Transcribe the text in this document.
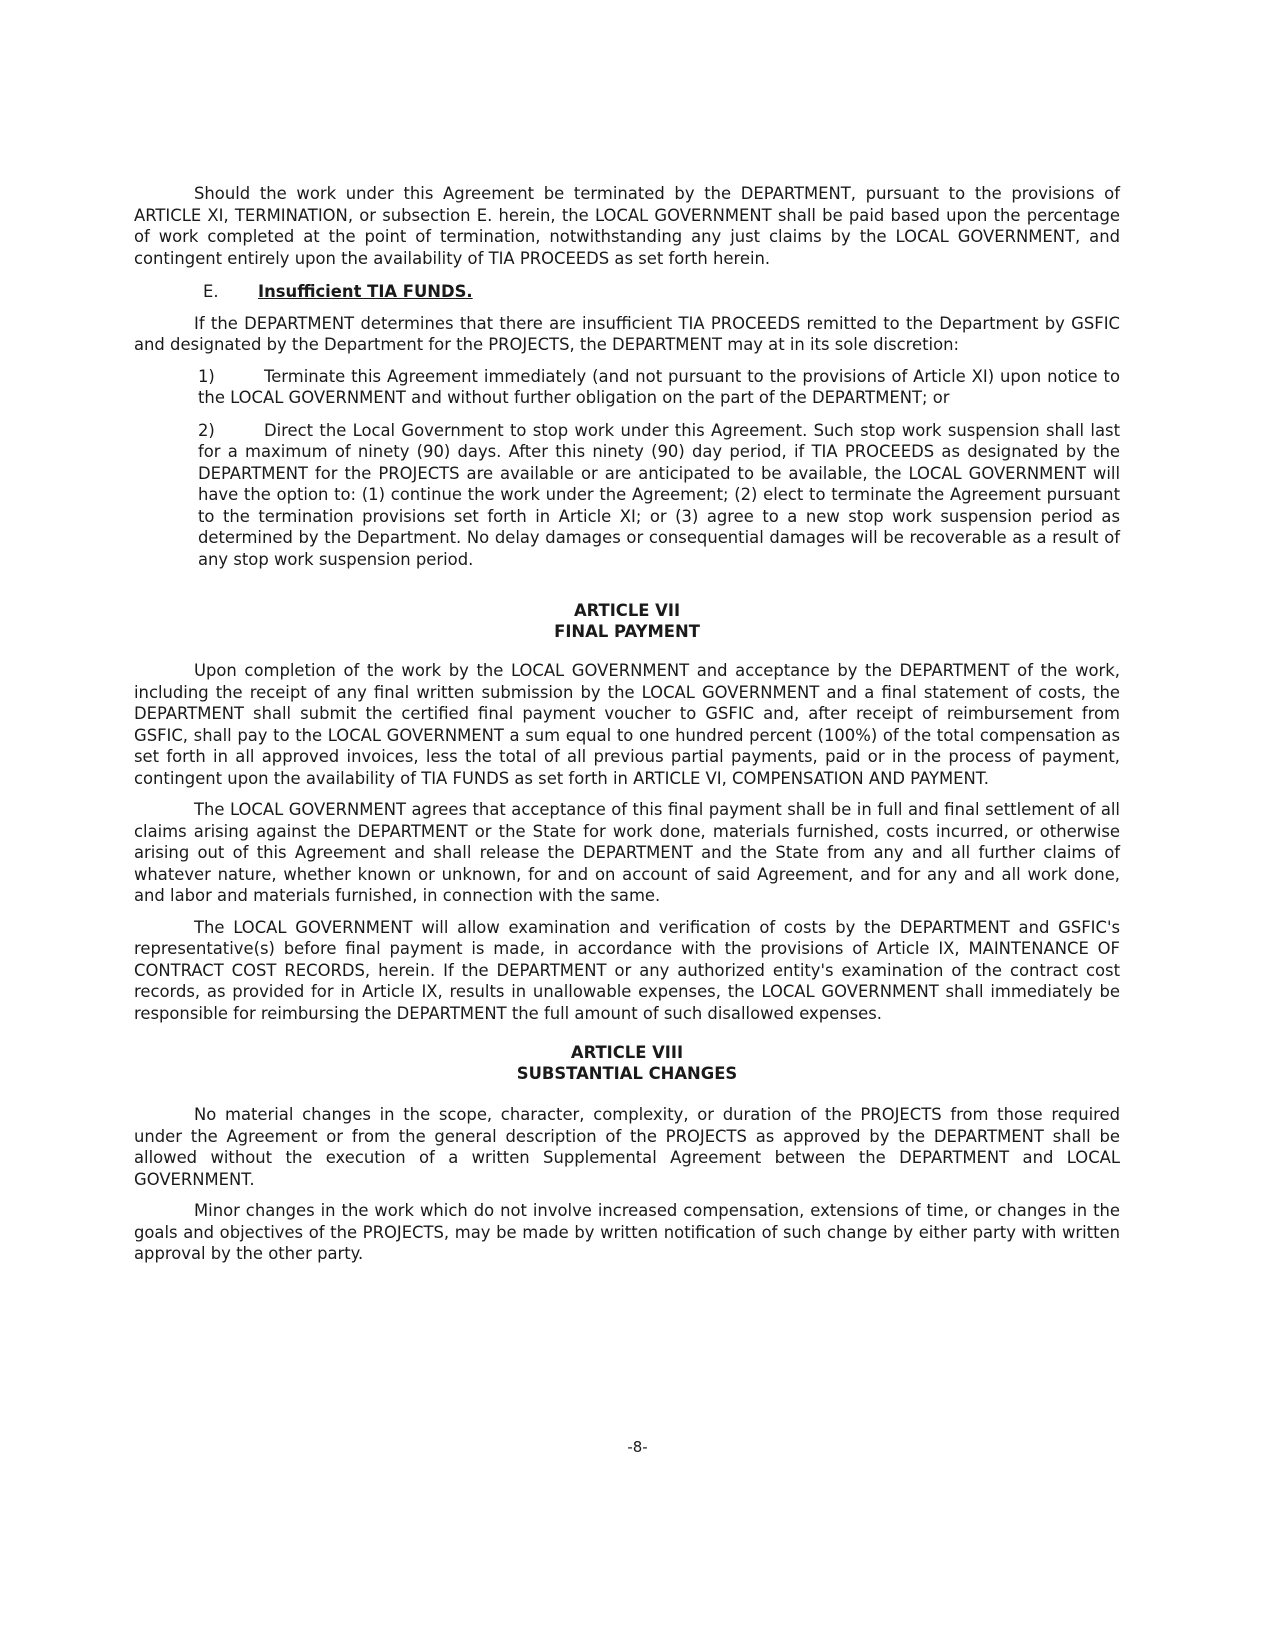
Should the work under this Agreement be terminated by the DEPARTMENT, pursuant to the provisions of ARTICLE XI, TERMINATION, or subsection E. herein, the LOCAL GOVERNMENT shall be paid based upon the percentage of work completed at the point of termination, notwithstanding any just claims by the LOCAL GOVERNMENT, and contingent entirely upon the availability of TIA PROCEEDS as set forth herein.

E. Insufficient TIA FUNDS.

If the DEPARTMENT determines that there are insufficient TIA PROCEEDS remitted to the Department by GSFIC and designated by the Department for the PROJECTS, the DEPARTMENT may at in its sole discretion:

1)	Terminate this Agreement immediately (and not pursuant to the provisions of Article XI) upon notice to the LOCAL GOVERNMENT and without further obligation on the part of the DEPARTMENT; or

2)	Direct the Local Government to stop work under this Agreement. Such stop work suspension shall last for a maximum of ninety (90) days. After this ninety (90) day period, if TIA PROCEEDS as designated by the DEPARTMENT for the PROJECTS are available or are anticipated to be available, the LOCAL GOVERNMENT will have the option to: (1) continue the work under the Agreement; (2) elect to terminate the Agreement pursuant to the termination provisions set forth in Article XI; or (3) agree to a new stop work suspension period as determined by the Department. No delay damages or consequential damages will be recoverable as a result of any stop work suspension period.

ARTICLE VII
FINAL PAYMENT

Upon completion of the work by the LOCAL GOVERNMENT and acceptance by the DEPARTMENT of the work, including the receipt of any final written submission by the LOCAL GOVERNMENT and a final statement of costs, the DEPARTMENT shall submit the certified final payment voucher to GSFIC and, after receipt of reimbursement from GSFIC, shall pay to the LOCAL GOVERNMENT a sum equal to one hundred percent (100%) of the total compensation as set forth in all approved invoices, less the total of all previous partial payments, paid or in the process of payment, contingent upon the availability of TIA FUNDS as set forth in ARTICLE VI, COMPENSATION AND PAYMENT.

The LOCAL GOVERNMENT agrees that acceptance of this final payment shall be in full and final settlement of all claims arising against the DEPARTMENT or the State for work done, materials furnished, costs incurred, or otherwise arising out of this Agreement and shall release the DEPARTMENT and the State from any and all further claims of whatever nature, whether known or unknown, for and on account of said Agreement, and for any and all work done, and labor and materials furnished, in connection with the same.

The LOCAL GOVERNMENT will allow examination and verification of costs by the DEPARTMENT and GSFIC's representative(s) before final payment is made, in accordance with the provisions of Article IX, MAINTENANCE OF CONTRACT COST RECORDS, herein. If the DEPARTMENT or any authorized entity's examination of the contract cost records, as provided for in Article IX, results in unallowable expenses, the LOCAL GOVERNMENT shall immediately be responsible for reimbursing the DEPARTMENT the full amount of such disallowed expenses.

ARTICLE VIII
SUBSTANTIAL CHANGES

No material changes in the scope, character, complexity, or duration of the PROJECTS from those required under the Agreement or from the general description of the PROJECTS as approved by the DEPARTMENT shall be allowed without the execution of a written Supplemental Agreement between the DEPARTMENT and LOCAL GOVERNMENT.

Minor changes in the work which do not involve increased compensation, extensions of time, or changes in the goals and objectives of the PROJECTS, may be made by written notification of such change by either party with written approval by the other party.

-8-
